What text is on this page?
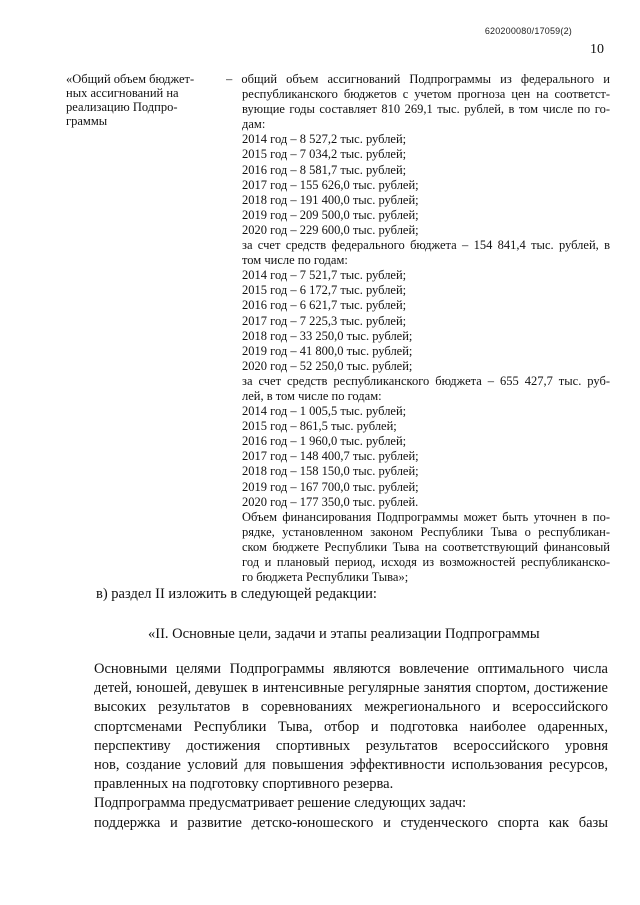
620200080/17059(2)
10
«Общий объем бюджет-
ных ассигнований на
реализацию Подпро-
граммы
– общий объем ассигнований Подпрограммы из федерального и
республиканского бюджетов с учетом прогноза цен на соответст-
вующие годы составляет 810 269,1 тыс. рублей, в том числе по го-
дам:
2014 год – 8 527,2 тыс. рублей;
2015 год – 7 034,2 тыс. рублей;
2016 год – 8 581,7 тыс. рублей;
2017 год – 155 626,0 тыс. рублей;
2018 год – 191 400,0 тыс. рублей;
2019 год – 209 500,0 тыс. рублей;
2020 год – 229 600,0 тыс. рублей;
за счет средств федерального бюджета – 154 841,4 тыс. рублей, в
том числе по годам:
2014 год – 7 521,7 тыс. рублей;
2015 год – 6 172,7 тыс. рублей;
2016 год – 6 621,7 тыс. рублей;
2017 год – 7 225,3 тыс. рублей;
2018 год – 33 250,0 тыс. рублей;
2019 год – 41 800,0 тыс. рублей;
2020 год – 52 250,0 тыс. рублей;
за счет средств республиканского бюджета – 655 427,7 тыс. руб-
лей, в том числе по годам:
2014 год – 1 005,5 тыс. рублей;
2015 год – 861,5 тыс. рублей;
2016 год – 1 960,0 тыс. рублей;
2017 год – 148 400,7 тыс. рублей;
2018 год – 158 150,0 тыс. рублей;
2019 год – 167 700,0 тыс. рублей;
2020 год – 177 350,0 тыс. рублей.
Объем финансирования Подпрограммы может быть уточнен в по-
рядке, установленном законом Республики Тыва о республикан-
ском бюджете Республики Тыва на соответствующий финансовый
год и плановый период, исходя из возможностей республиканско-
го бюджета Республики Тыва»;
в) раздел II изложить в следующей редакции:
«II. Основные цели, задачи и этапы реализации Подпрограммы
Основными целями Подпрограммы являются вовлечение оптимального числа
детей, юношей, девушек в интенсивные регулярные занятия спортом, достижение
высоких результатов в соревнованиях межрегионального и всероссийского
спортсменами Республики Тыва, отбор и подготовка наиболее одаренных,
перспективу достижения спортивных результатов всероссийского уровня
нов, создание условий для повышения эффективности использования ресурсов,
правленных на подготовку спортивного резерва.
Подпрограмма предусматривает решение следующих задач:
поддержка и развитие детско-юношеского и студенческого спорта как базы
